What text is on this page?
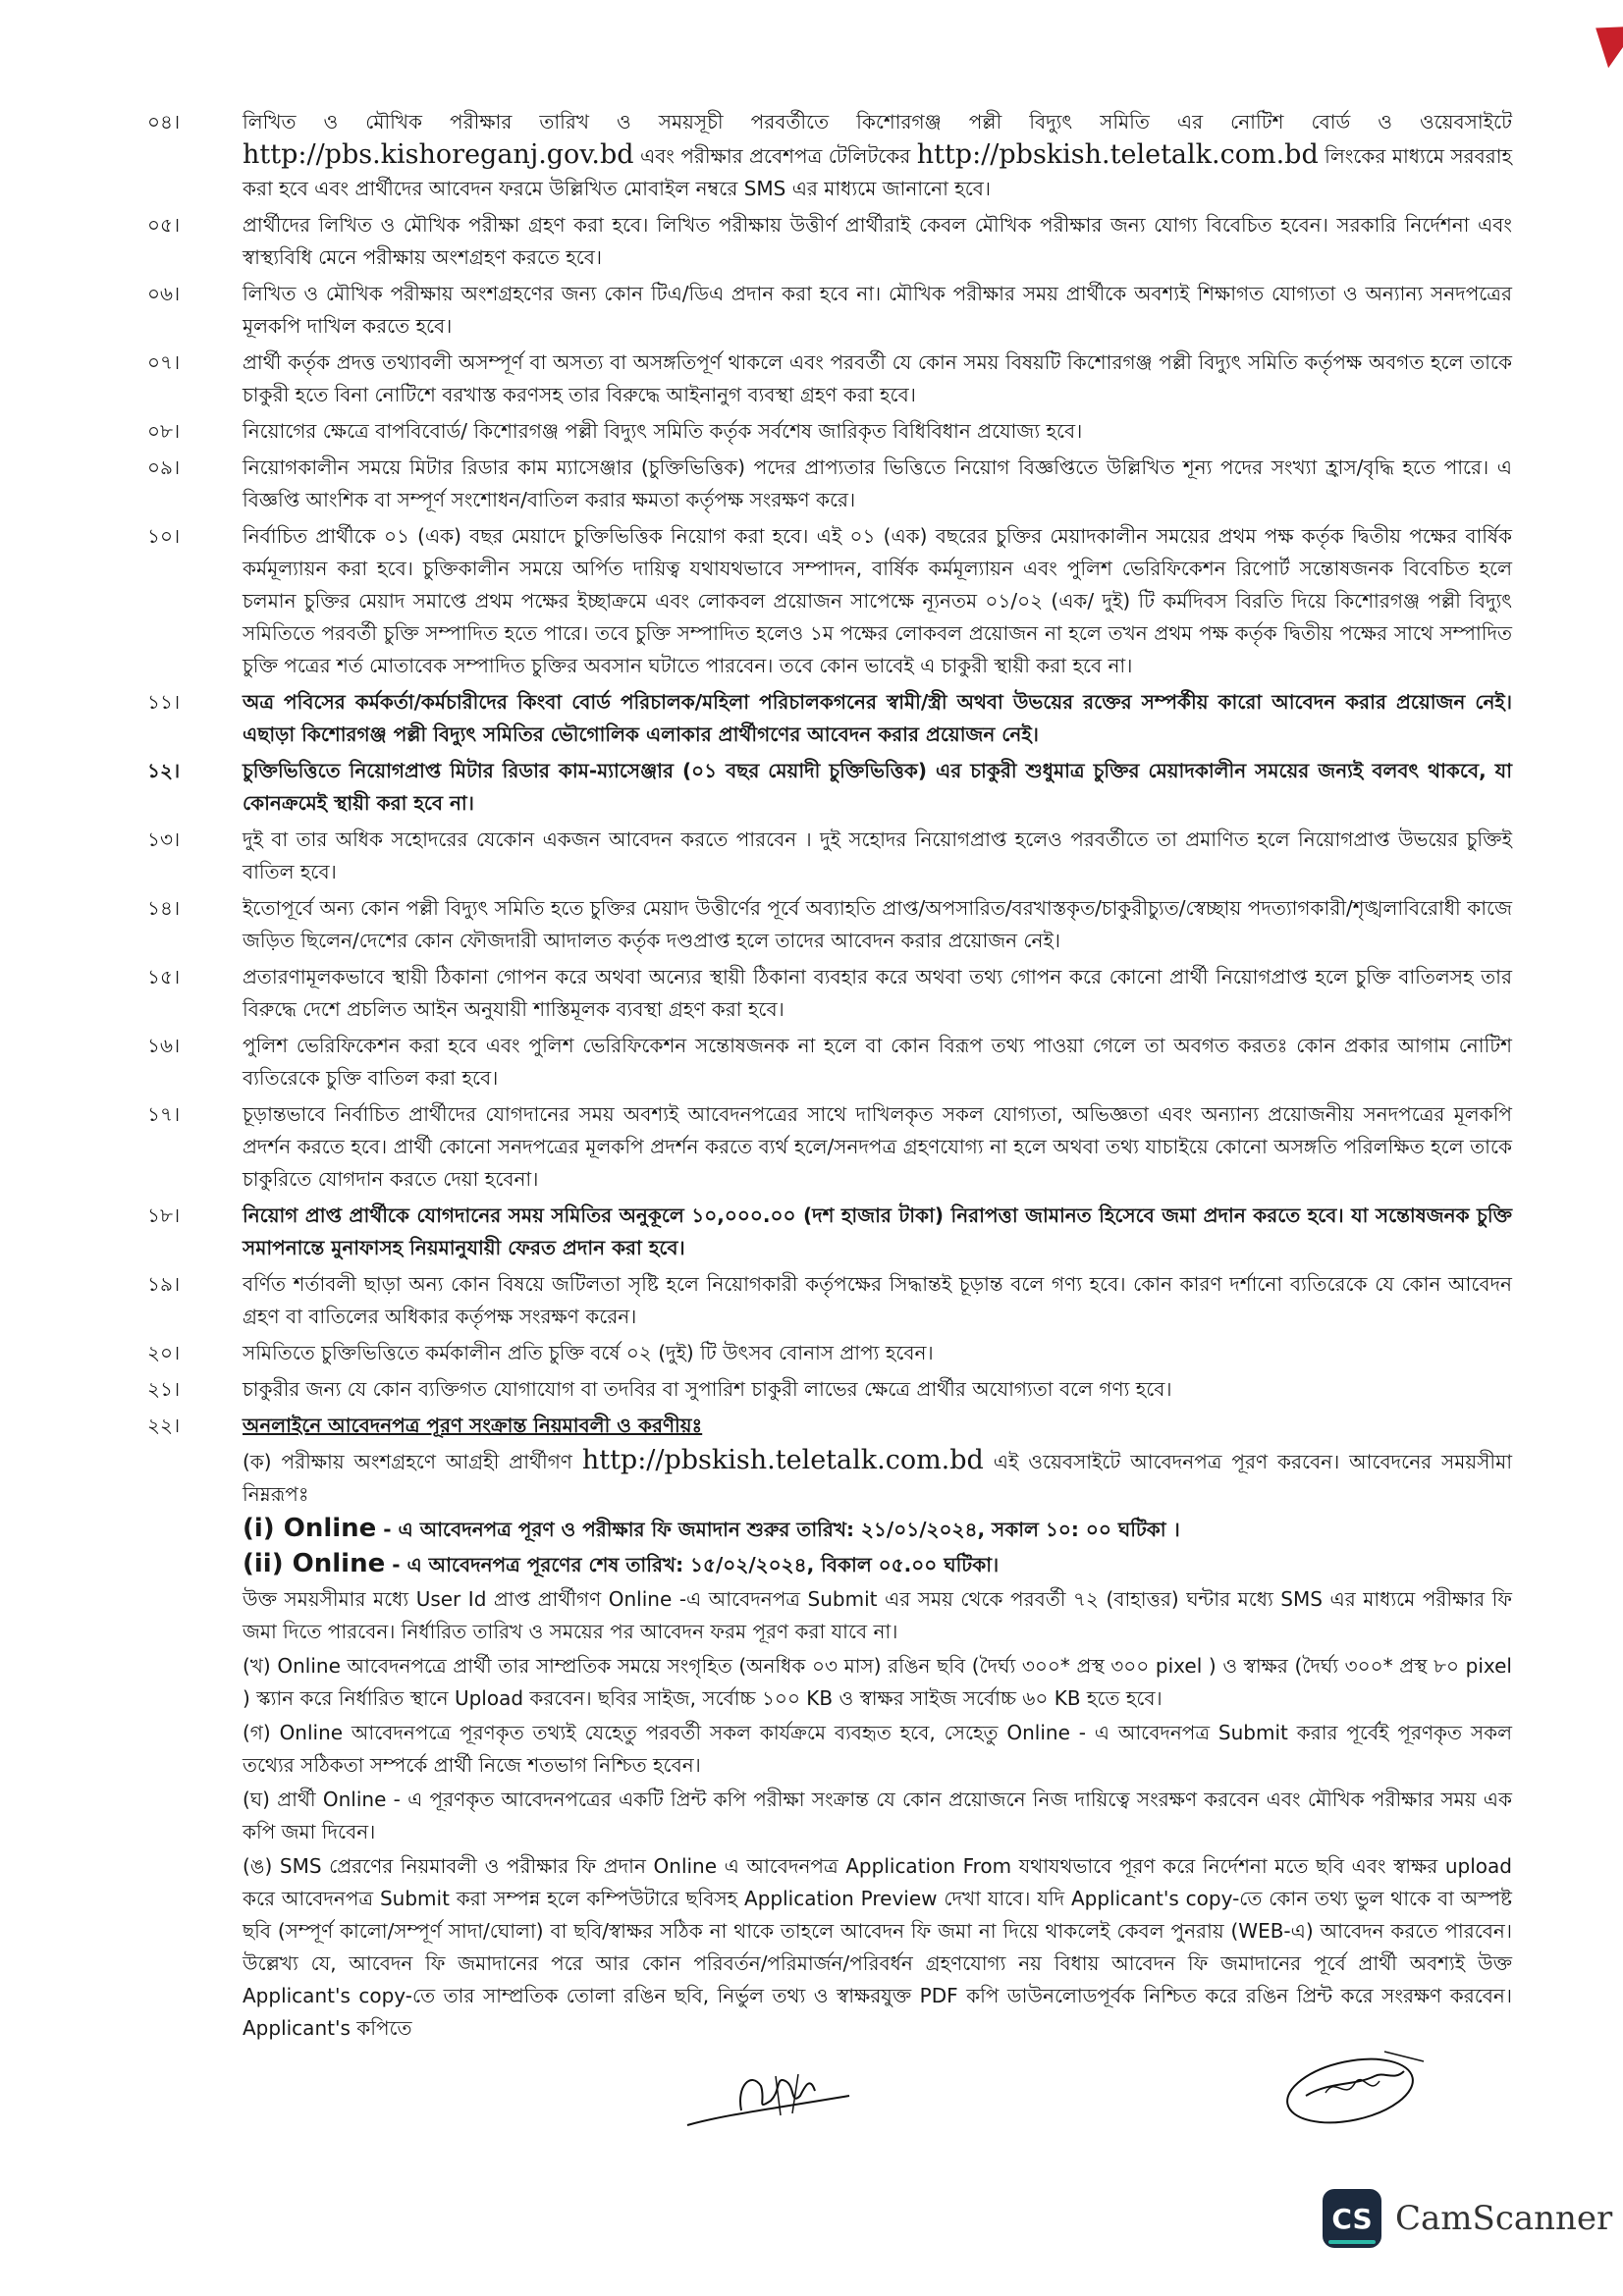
০৪।	লিখিত ও মৌখিক পরীক্ষার তারিখ ও সময়সূচী পরবর্তীতে কিশোরগঞ্জ পল্লী বিদ্যুৎ সমিতি এর নোটিশ বোর্ড ও ওয়েবসাইটে http://pbs.kishoreganj.gov.bd এবং পরীক্ষার প্রবেশপত্র টেলিটকের http://pbskish.teletalk.com.bd লিংকের মাধ্যমে সরবরাহ করা হবে এবং প্রার্থীদের আবেদন ফরমে উল্লিখিত মোবাইল নম্বরে SMS এর মাধ্যমে জানানো হবে।
০৫।	প্রার্থীদের লিখিত ও মৌখিক পরীক্ষা গ্রহণ করা হবে। লিখিত পরীক্ষায় উত্তীর্ণ প্রার্থীরাই কেবল মৌখিক পরীক্ষার জন্য যোগ্য বিবেচিত হবেন। সরকারি নির্দেশনা এবং স্বাস্থ্যবিধি মেনে পরীক্ষায় অংশগ্রহণ করতে হবে।
০৬।	লিখিত ও মৌখিক পরীক্ষায় অংশগ্রহণের জন্য কোন টিএ/ডিএ প্রদান করা হবে না। মৌখিক পরীক্ষার সময় প্রার্থীকে অবশ্যই শিক্ষাগত যোগ্যতা ও অন্যান্য সনদপত্রের মূলকপি দাখিল করতে হবে।
০৭।	প্রার্থী কর্তৃক প্রদত্ত তথ্যাবলী অসম্পূর্ণ বা অসত্য বা অসঙ্গতিপূর্ণ থাকলে এবং পরবর্তী যে কোন সময় বিষয়টি কিশোরগঞ্জ পল্লী বিদ্যুৎ সমিতি কর্তৃপক্ষ অবগত হলে তাকে চাকুরী হতে বিনা নোটিশে বরখাস্ত করণসহ তার বিরুদ্ধে আইনানুগ ব্যবস্থা গ্রহণ করা হবে।
০৮।	নিয়োগের ক্ষেত্রে বাপবিবোর্ড/ কিশোরগঞ্জ পল্লী বিদ্যুৎ সমিতি কর্তৃক সর্বশেষ জারিকৃত বিধিবিধান প্রযোজ্য হবে।
০৯।	নিয়োগকালীন সময়ে মিটার রিডার কাম ম্যাসেঞ্জার (চুক্তিভিত্তিক) পদের প্রাপ্যতার ভিত্তিতে নিয়োগ বিজ্ঞপ্তিতে উল্লিখিত শূন্য পদের সংখ্যা হ্রাস/বৃদ্ধি হতে পারে। এ বিজ্ঞপ্তি আংশিক বা সম্পূর্ণ সংশোধন/বাতিল করার ক্ষমতা কর্তৃপক্ষ সংরক্ষণ করে।
১০।	নির্বাচিত প্রার্থীকে ০১ (এক) বছর মেয়াদে চুক্তিভিত্তিক নিয়োগ করা হবে। এই ০১ (এক) বছরের চুক্তির মেয়াদকালীন সময়ের প্রথম পক্ষ কর্তৃক দ্বিতীয় পক্ষের বার্ষিক কর্মমূল্যায়ন করা হবে। চুক্তিকালীন সময়ে অর্পিত দায়িত্ব যথাযথভাবে সম্পাদন, বার্ষিক কর্মমূল্যায়ন এবং পুলিশ ভেরিফিকেশন রিপোর্ট সন্তোষজনক বিবেচিত হলে চলমান চুক্তির মেয়াদ সমাপ্তে প্রথম পক্ষের ইচ্ছাক্রমে এবং লোকবল প্রয়োজন সাপেক্ষে ন্যূনতম ০১/০২ (এক/ দুই) টি কর্মদিবস বিরতি দিয়ে কিশোরগঞ্জ পল্লী বিদ্যুৎ সমিতিতে পরবর্তী চুক্তি সম্পাদিত হতে পারে। তবে চুক্তি সম্পাদিত হলেও ১ম পক্ষের লোকবল প্রয়োজন না হলে তখন প্রথম পক্ষ কর্তৃক দ্বিতীয় পক্ষের সাথে সম্পাদিত চুক্তি পত্রের শর্ত মোতাবেক সম্পাদিত চুক্তির অবসান ঘটাতে পারবেন। তবে কোন ভাবেই এ চাকুরী স্থায়ী করা হবে না।
১১।	অত্র পবিসের কর্মকর্তা/কর্মচারীদের কিংবা বোর্ড পরিচালক/মহিলা পরিচালকগনের স্বামী/স্ত্রী অথবা উভয়ের রক্তের সম্পর্কীয় কারো আবেদন করার প্রয়োজন নেই। এছাড়া কিশোরগঞ্জ পল্লী বিদ্যুৎ সমিতির ভৌগোলিক এলাকার প্রার্থীগণের আবেদন করার প্রয়োজন নেই।
১২।	চুক্তিভিত্তিতে নিয়োগপ্রাপ্ত মিটার রিডার কাম-ম্যাসেঞ্জার (০১ বছর মেয়াদী চুক্তিভিত্তিক) এর চাকুরী শুধুমাত্র চুক্তির মেয়াদকালীন সময়ের জন্যই বলবৎ থাকবে, যা কোনক্রমেই স্থায়ী করা হবে না।
১৩।	দুই বা তার অধিক সহোদরের যেকোন একজন আবেদন করতে পারবেন । দুই সহোদর নিয়োগপ্রাপ্ত হলেও পরবর্তীতে তা প্রমাণিত হলে নিয়োগপ্রাপ্ত উভয়ের চুক্তিই বাতিল হবে।
১৪।	ইতোপূর্বে অন্য কোন পল্লী বিদ্যুৎ সমিতি হতে চুক্তির মেয়াদ উত্তীর্ণের পূর্বে অব্যাহতি প্রাপ্ত/অপসারিত/বরখাস্তকৃত/চাকুরীচ্যুত/স্বেচ্ছায় পদত্যাগকারী/শৃঙ্খলাবিরোধী কাজে জড়িত ছিলেন/দেশের কোন ফৌজদারী আদালত কর্তৃক দণ্ডপ্রাপ্ত হলে তাদের আবেদন করার প্রয়োজন নেই।
১৫।	প্রতারণামূলকভাবে স্থায়ী ঠিকানা গোপন করে অথবা অন্যের স্থায়ী ঠিকানা ব্যবহার করে অথবা তথ্য গোপন করে কোনো প্রার্থী নিয়োগপ্রাপ্ত হলে চুক্তি বাতিলসহ তার বিরুদ্ধে দেশে প্রচলিত আইন অনুযায়ী শাস্তিমূলক ব্যবস্থা গ্রহণ করা হবে।
১৬।	পুলিশ ভেরিফিকেশন করা হবে এবং পুলিশ ভেরিফিকেশন সন্তোষজনক না হলে বা কোন বিরূপ তথ্য পাওয়া গেলে তা অবগত করতঃ কোন প্রকার আগাম নোটিশ ব্যতিরেকে চুক্তি বাতিল করা হবে।
১৭।	চূড়ান্তভাবে নির্বাচিত প্রার্থীদের যোগদানের সময় অবশ্যই আবেদনপত্রের সাথে দাখিলকৃত সকল যোগ্যতা, অভিজ্ঞতা এবং অন্যান্য প্রয়োজনীয় সনদপত্রের মূলকপি প্রদর্শন করতে হবে। প্রার্থী কোনো সনদপত্রের মূলকপি প্রদর্শন করতে ব্যর্থ হলে/সনদপত্র গ্রহণযোগ্য না হলে অথবা তথ্য যাচাইয়ে কোনো অসঙ্গতি পরিলক্ষিত হলে তাকে চাকুরিতে যোগদান করতে দেয়া হবেনা।
১৮।	নিয়োগ প্রাপ্ত প্রার্থীকে যোগদানের সময় সমিতির অনুকূলে ১০,০০০.০০ (দশ হাজার টাকা) নিরাপত্তা জামানত হিসেবে জমা প্রদান করতে হবে। যা সন্তোষজনক চুক্তি সমাপনান্তে মুনাফাসহ নিয়মানুযায়ী ফেরত প্রদান করা হবে।
১৯।	বর্ণিত শর্তাবলী ছাড়া অন্য কোন বিষয়ে জটিলতা সৃষ্টি হলে নিয়োগকারী কর্তৃপক্ষের সিদ্ধান্তই চূড়ান্ত বলে গণ্য হবে। কোন কারণ দর্শানো ব্যতিরেকে যে কোন আবেদন গ্রহণ বা বাতিলের অধিকার কর্তৃপক্ষ সংরক্ষণ করেন।
২০।	সমিতিতে চুক্তিভিত্তিতে কর্মকালীন প্রতি চুক্তি বর্ষে ০২ (দুই) টি উৎসব বোনাস প্রাপ্য হবেন।
২১।	চাকুরীর জন্য যে কোন ব্যক্তিগত যোগাযোগ বা তদবির বা সুপারিশ চাকুরী লাভের ক্ষেত্রে প্রার্থীর অযোগ্যতা বলে গণ্য হবে।
২২।	অনলাইনে আবেদনপত্র পূরণ সংক্রান্ত নিয়মাবলী ও করণীয়ঃ
(ক) পরীক্ষায় অংশগ্রহণে আগ্রহী প্রার্থীগণ http://pbskish.teletalk.com.bd এই ওয়েবসাইটে আবেদনপত্র পূরণ করবেন। আবেদনের সময়সীমা নিম্নরূপঃ
(i) Online - এ আবেদনপত্র পূরণ ও পরীক্ষার ফি জমাদান শুরুর তারিখ: ২১/০১/২০২৪, সকাল ১০: ০০ ঘটিকা ।
(ii) Online - এ আবেদনপত্র পূরণের শেষ তারিখ: ১৫/০২/২০২৪, বিকাল ০৫.০০ ঘটিকা।
উক্ত সময়সীমার মধ্যে User Id প্রাপ্ত প্রার্থীগণ Online -এ আবেদনপত্র Submit এর সময় থেকে পরবর্তী ৭২ (বাহাত্তর) ঘন্টার মধ্যে SMS এর মাধ্যমে পরীক্ষার ফি জমা দিতে পারবেন। নির্ধারিত তারিখ ও সময়ের পর আবেদন ফরম পূরণ করা যাবে না।
(খ) Online আবেদনপত্রে প্রার্থী তার সাম্প্রতিক সময়ে সংগৃহিত (অনধিক ০৩ মাস) রঙিন ছবি (দৈর্ঘ্য ৩০০* প্রস্থ ৩০০ pixel ) ও স্বাক্ষর (দৈর্ঘ্য ৩০০* প্রস্থ ৮০ pixel ) স্ক্যান করে নির্ধারিত স্থানে Upload করবেন। ছবির সাইজ, সর্বোচ্চ ১০০ KB ও স্বাক্ষর সাইজ সর্বোচ্চ ৬০ KB হতে হবে।
(গ) Online আবেদনপত্রে পূরণকৃত তথ্যই যেহেতু পরবর্তী সকল কার্যক্রমে ব্যবহৃত হবে, সেহেতু Online - এ আবেদনপত্র Submit করার পূর্বেই পূরণকৃত সকল তথ্যের সঠিকতা সম্পর্কে প্রার্থী নিজে শতভাগ নিশ্চিত হবেন।
(ঘ) প্রার্থী Online - এ পূরণকৃত আবেদনপত্রের একটি প্রিন্ট কপি পরীক্ষা সংক্রান্ত যে কোন প্রয়োজনে নিজ দায়িত্বে সংরক্ষণ করবেন এবং মৌখিক পরীক্ষার সময় এক কপি জমা দিবেন।
(ঙ) SMS প্রেরণের নিয়মাবলী ও পরীক্ষার ফি প্রদান Online এ আবেদনপত্র Application From যথাযথভাবে পূরণ করে নির্দেশনা মতে ছবি এবং স্বাক্ষর upload করে আবেদনপত্র Submit করা সম্পন্ন হলে কম্পিউটারে ছবিসহ Application Preview দেখা যাবে। যদি Applicant's copy-তে কোন তথ্য ভুল থাকে বা অস্পষ্ট ছবি (সম্পূর্ণ কালো/সম্পূর্ণ সাদা/ঘোলা) বা ছবি/স্বাক্ষর সঠিক না থাকে তাহলে আবেদন ফি জমা না দিয়ে থাকলেই কেবল পুনরায় (WEB-এ) আবেদন করতে পারবেন। উল্লেখ্য যে, আবেদন ফি জমাদানের পরে আর কোন পরিবর্তন/পরিমার্জন/পরিবর্ধন গ্রহণযোগ্য নয় বিধায় আবেদন ফি জমাদানের পূর্বে প্রার্থী অবশ্যই উক্ত Applicant's copy-তে তার সাম্প্রতিক তোলা রঙিন ছবি, নির্ভুল তথ্য ও স্বাক্ষরযুক্ত PDF কপি ডাউনলোডপূর্বক নিশ্চিত করে রঙিন প্রিন্ট করে সংরক্ষণ করবেন। Applicant's কপিতে
CS CamScanner
